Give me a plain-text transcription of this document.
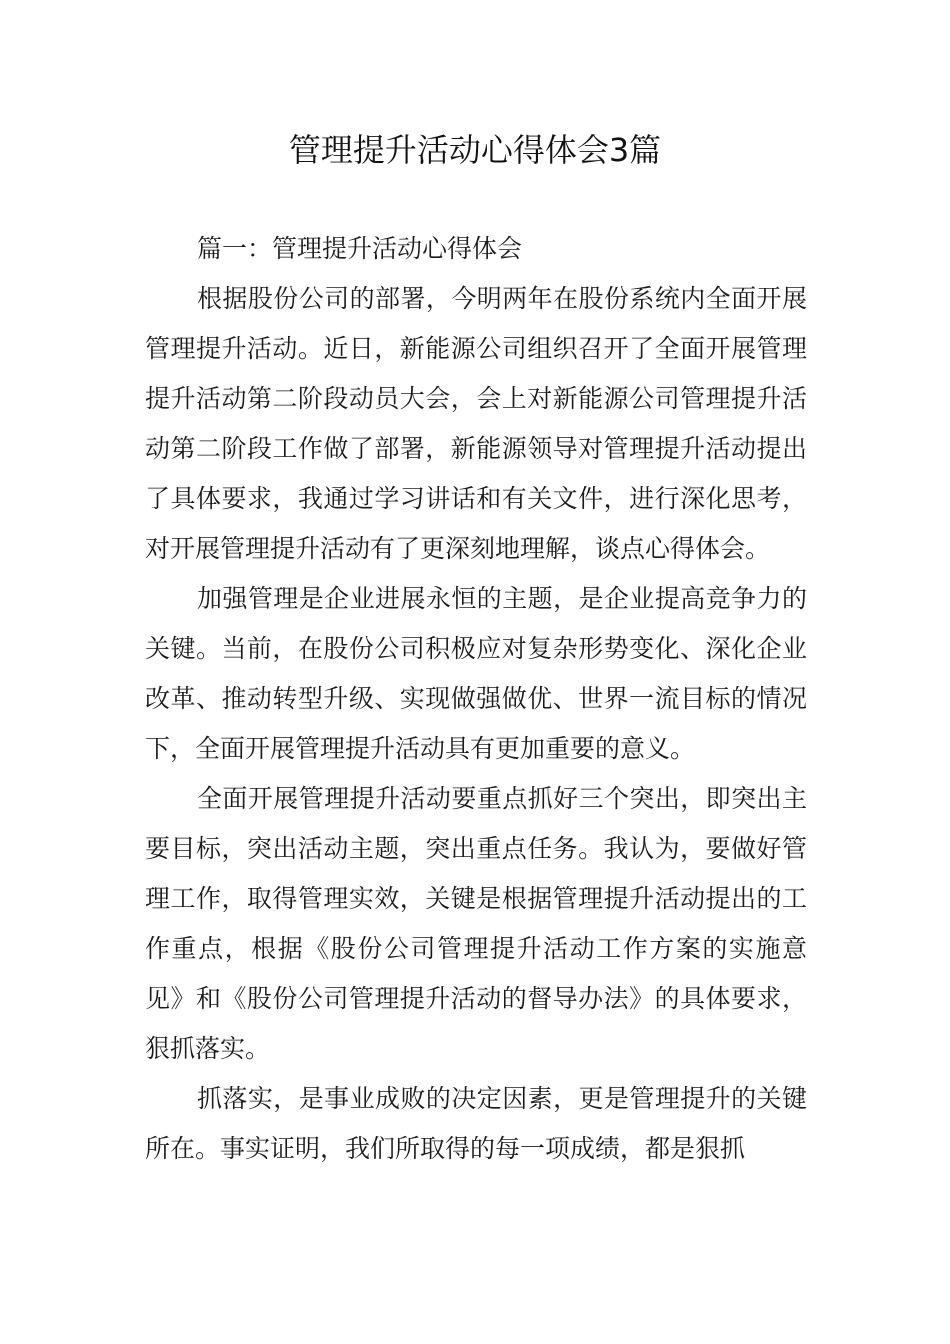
管理提升活动心得体会3篇

篇一：管理提升活动心得体会

根据股份公司的部署，今明两年在股份系统内全面开展管理提升活动。近日，新能源公司组织召开了全面开展管理提升活动第二阶段动员大会，会上对新能源公司管理提升活动第二阶段工作做了部署，新能源领导对管理提升活动提出了具体要求，我通过学习讲话和有关文件，进行深化思考，对开展管理提升活动有了更深刻地理解，谈点心得体会。

加强管理是企业进展永恒的主题，是企业提高竞争力的关键。当前，在股份公司积极应对复杂形势变化、深化企业改革、推动转型升级、实现做强做优、世界一流目标的情况下，全面开展管理提升活动具有更加重要的意义。

全面开展管理提升活动要重点抓好三个突出，即突出主要目标，突出活动主题，突出重点任务。我认为，要做好管理工作，取得管理实效，关键是根据管理提升活动提出的工作重点，根据《股份公司管理提升活动工作方案的实施意见》和《股份公司管理提升活动的督导办法》的具体要求，狠抓落实。

抓落实，是事业成败的决定因素，更是管理提升的关键所在。事实证明，我们所取得的每一项成绩，都是狠抓
